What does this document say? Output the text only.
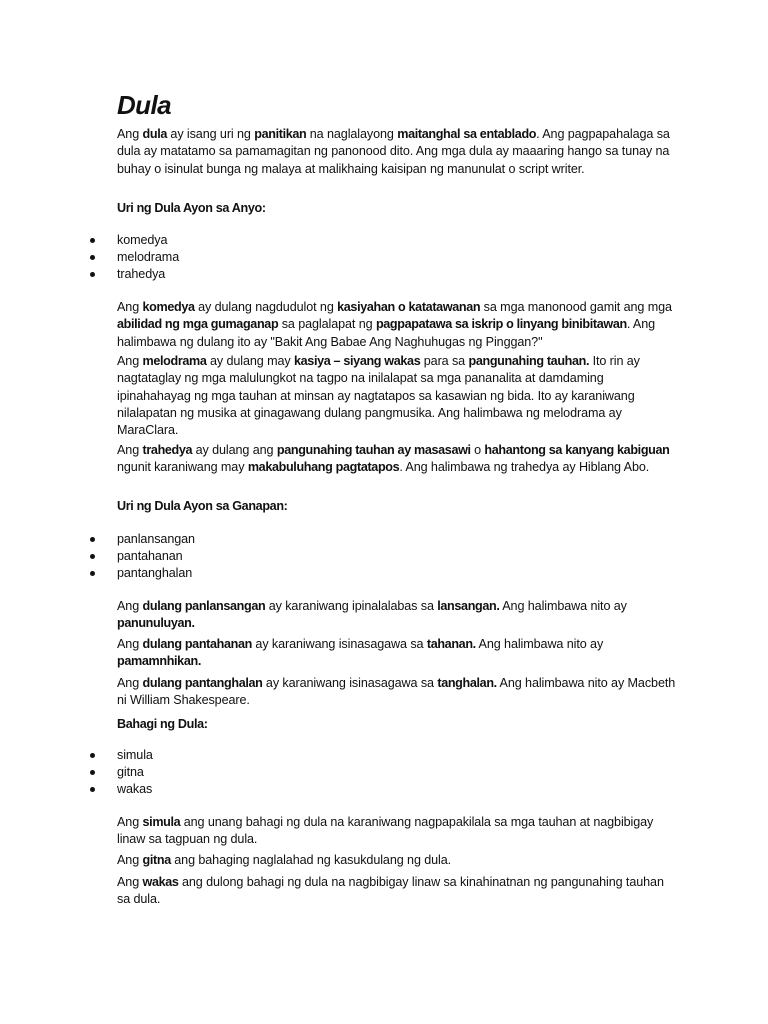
Dula

Ang dula ay isang uri ng panitikan na naglalayong maitanghal sa entablado. Ang pagpapahalaga sa dula ay matatamo sa pamamagitan ng panonood dito. Ang mga dula ay maaaring hango sa tunay na buhay o isinulat bunga ng malaya at malikhaing kaisipan ng manunulat o script writer.

Uri ng Dula Ayon sa Anyo:
komedya
melodrama
trahedya

Ang komedya ay dulang nagdudulot ng kasiyahan o katatawanan sa mga manonood gamit ang mga abilidad ng mga gumaganap sa paglalapat ng pagpapatawa sa iskrip o linyang binibitawan. Ang halimbawa ng dulang ito ay "Bakit Ang Babae Ang Naghuhugas ng Pinggan?"

Ang melodrama ay dulang may kasiya – siyang wakas para sa pangunahing tauhan. Ito rin ay nagtataglay ng mga malulungkot na tagpo na inilalapat sa mga pananalita at damdaming ipinahahayag ng mga tauhan at minsan ay nagtatapos sa kasawian ng bida. Ito ay karaniwang nilalapatan ng musika at ginagawang dulang pangmusika. Ang halimbawa ng melodrama ay MaraClara.

Ang trahedya ay dulang ang pangunahing tauhan ay masasawi o hahantong sa kanyang kabiguan ngunit karaniwang may makabuluhang pagtatapos. Ang halimbawa ng trahedya ay Hiblang Abo.

Uri ng Dula Ayon sa Ganapan:
panlansangan
pantahanan
pantanghalan

Ang dulang panlansangan ay karaniwang ipinalalabas sa lansangan. Ang halimbawa nito ay panunuluyan.

Ang dulang pantahanan ay karaniwang isinasagawa sa tahanan. Ang halimbawa nito ay pamamnhikan.

Ang dulang pantanghalan ay karaniwang isinasagawa sa tanghalan. Ang halimbawa nito ay Macbeth ni William Shakespeare.

Bahagi ng Dula:
simula
gitna
wakas

Ang simula ang unang bahagi ng dula na karaniwang nagpapakilala sa mga tauhan at nagbibigay linaw sa tagpuan ng dula.

Ang gitna ang bahaging naglalahad ng kasukdulang ng dula.

Ang wakas ang dulong bahagi ng dula na nagbibigay linaw sa kinahinatnan ng pangunahing tauhan sa dula.
